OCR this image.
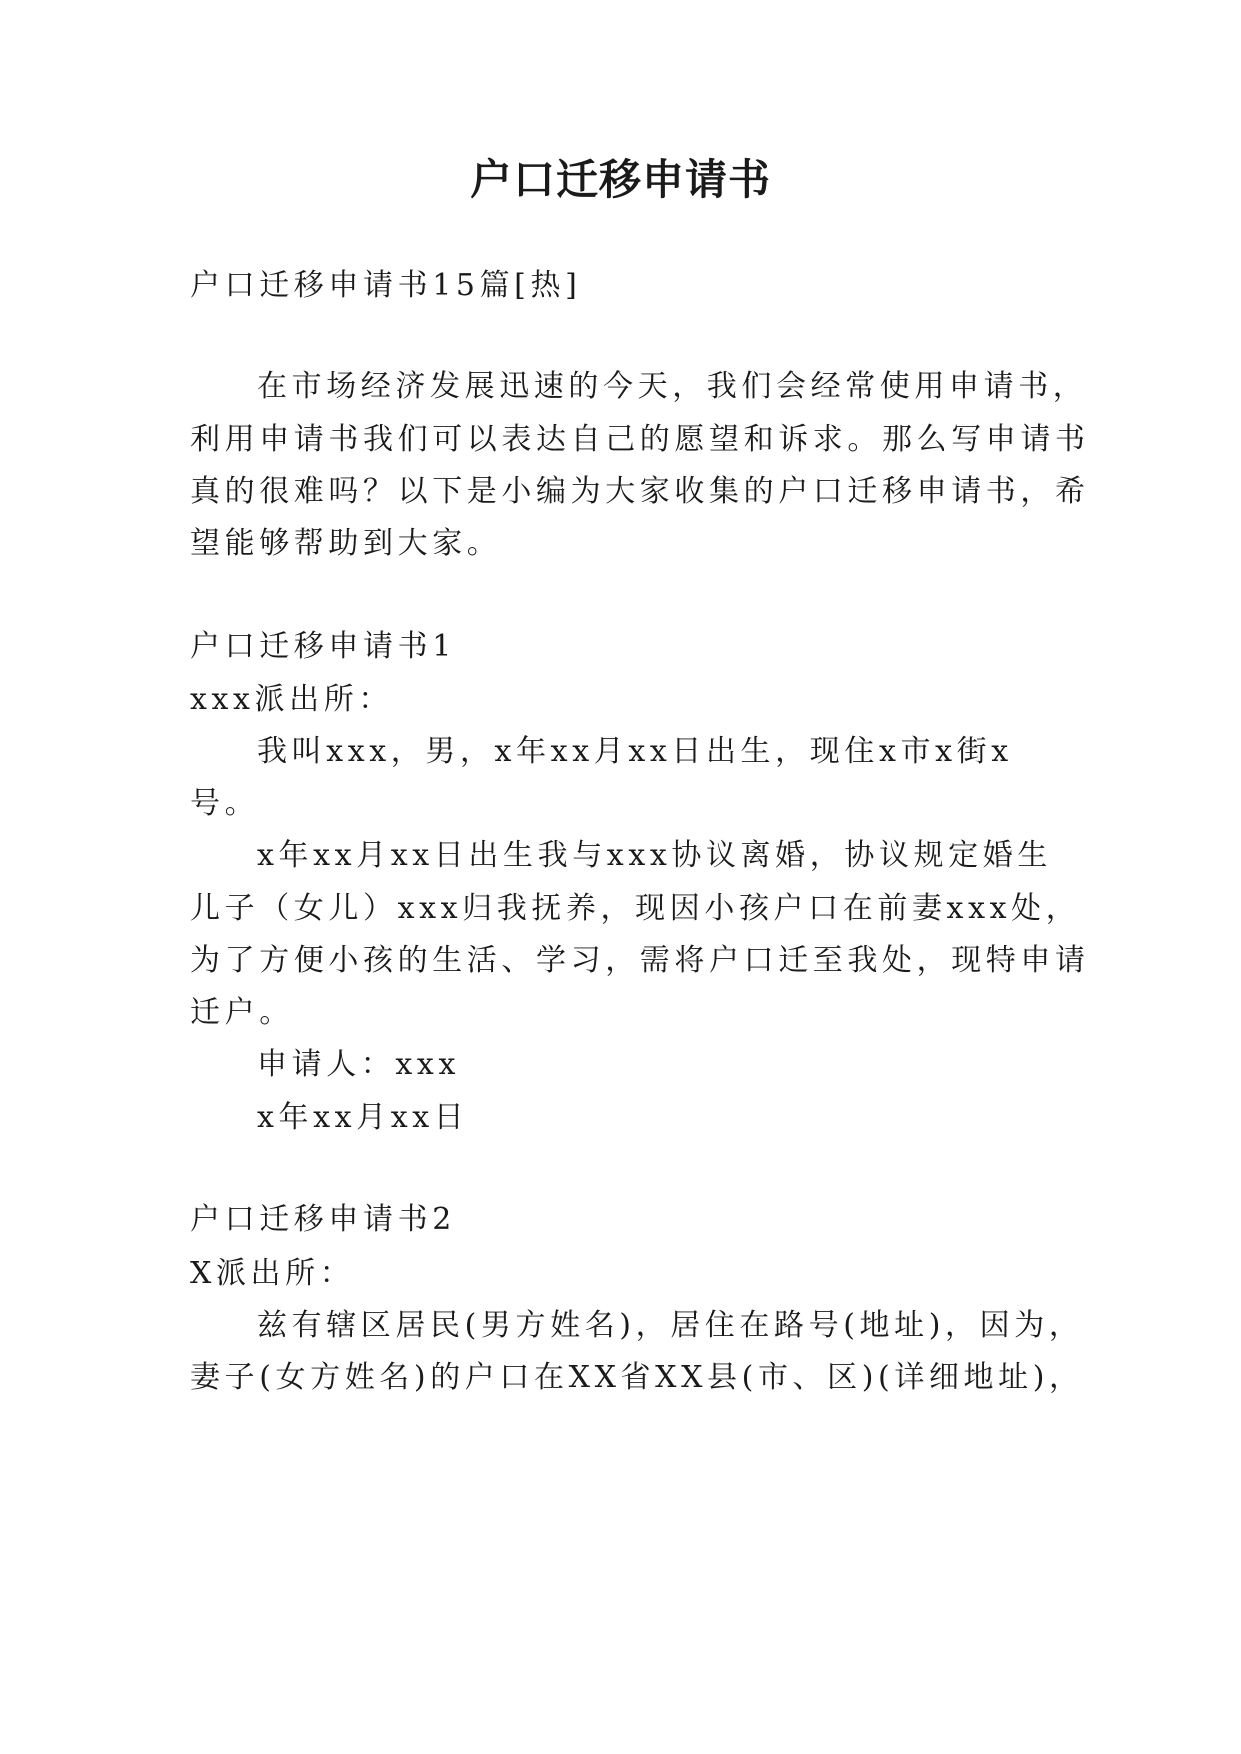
户口迁移申请书
户口迁移申请书15篇[热]
在市场经济发展迅速的今天，我们会经常使用申请书，
利用申请书我们可以表达自己的愿望和诉求。那么写申请书
真的很难吗？以下是小编为大家收集的户口迁移申请书，希
望能够帮助到大家。
户口迁移申请书1
xxx派出所：
我叫xxx，男，x年xx月xx日出生，现住x市x街x
号。
x年xx月xx日出生我与xxx协议离婚，协议规定婚生
儿子（女儿）xxx归我抚养，现因小孩户口在前妻xxx处，
为了方便小孩的生活、学习，需将户口迁至我处，现特申请
迁户。
申请人：xxx
x年xx月xx日
户口迁移申请书2
X派出所：
兹有辖区居民(男方姓名)，居住在路号(地址)，因为，
妻子(女方姓名)的户口在XX省XX县(市、区)(详细地址)，
